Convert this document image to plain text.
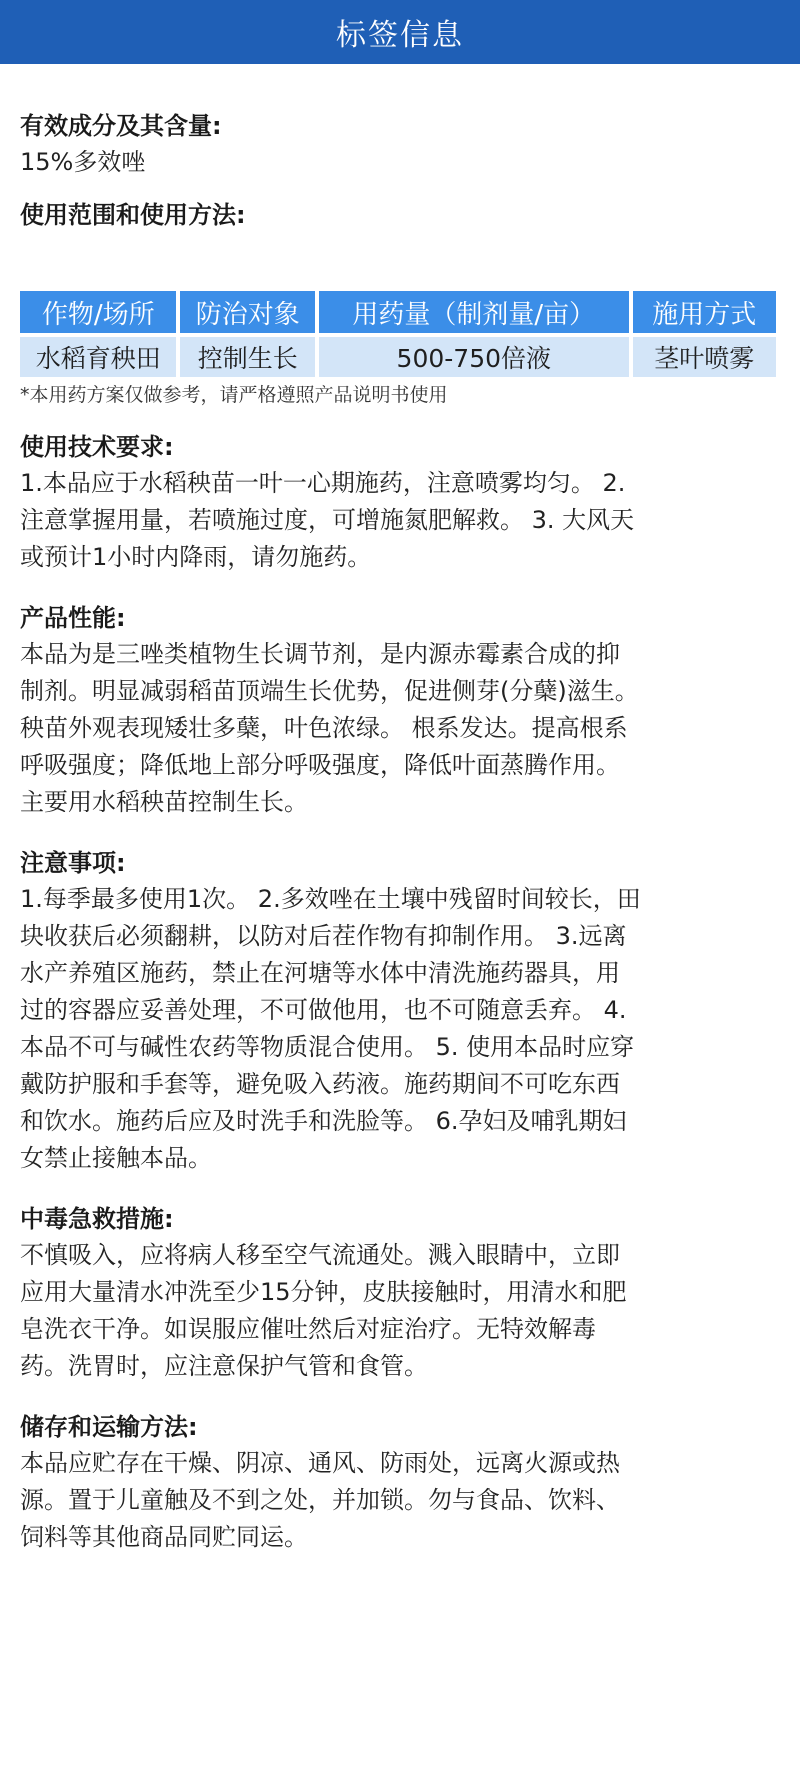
标签信息
有效成分及其含量:
15%多效唑
使用范围和使用方法:
作物/场所	防治对象	用药量（制剂量/亩）	施用方式
水稻育秧田	控制生长	500-750倍液	茎叶喷雾
*本用药方案仅做参考，请严格遵照产品说明书使用
使用技术要求:
1.本品应于水稻秧苗一叶一心期施药，注意喷雾均匀。 2.
注意掌握用量，若喷施过度，可增施氮肥解救。 3. 大风天
或预计1小时内降雨，请勿施药。
产品性能:
本品为是三唑类植物生长调节剂，是内源赤霉素合成的抑
制剂。明显减弱稻苗顶端生长优势，促进侧芽(分蘖)滋生。
秧苗外观表现矮壮多蘖，叶色浓绿。 根系发达。提高根系
呼吸强度；降低地上部分呼吸强度，降低叶面蒸腾作用。
主要用水稻秧苗控制生长。
注意事项:
1.每季最多使用1次。 2.多效唑在土壤中残留时间较长，田
块收获后必须翻耕，以防对后茬作物有抑制作用。 3.远离
水产养殖区施药，禁止在河塘等水体中清洗施药器具，用
过的容器应妥善处理，不可做他用，也不可随意丢弃。 4.
本品不可与碱性农药等物质混合使用。 5. 使用本品时应穿
戴防护服和手套等，避免吸入药液。施药期间不可吃东西
和饮水。施药后应及时洗手和洗脸等。 6.孕妇及哺乳期妇
女禁止接触本品。
中毒急救措施:
不慎吸入，应将病人移至空气流通处。溅入眼睛中，立即
应用大量清水冲洗至少15分钟，皮肤接触时，用清水和肥
皂洗衣干净。如误服应催吐然后对症治疗。无特效解毒
药。洗胃时，应注意保护气管和食管。
储存和运输方法:
本品应贮存在干燥、阴凉、通风、防雨处，远离火源或热
源。置于儿童触及不到之处，并加锁。勿与食品、饮料、
饲料等其他商品同贮同运。
